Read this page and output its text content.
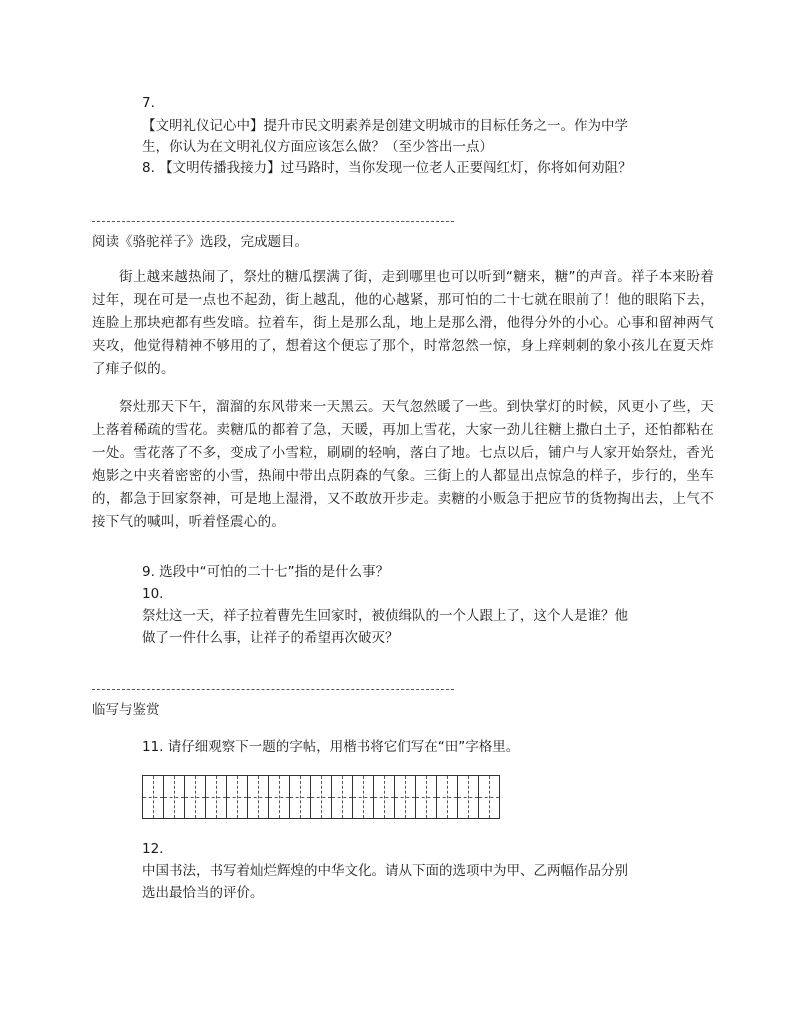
7.
【文明礼仪记心中】提升市民文明素养是创建文明城市的目标任务之一。作为中学
生，你认为在文明礼仪方面应该怎么做？（至少答出一点）
8. 【文明传播我接力】过马路时，当你发现一位老人正要闯红灯，你将如何劝阻？
阅读《骆驼祥子》选段，完成题目。
街上越来越热闹了，祭灶的糖瓜摆满了街，走到哪里也可以听到“糖来，糖”的声音。祥子本来盼着过年，现在可是一点也不起劲，街上越乱，他的心越紧，那可怕的二十七就在眼前了！他的眼陷下去，连脸上那块疤都有些发暗。拉着车，街上是那么乱，地上是那么滑，他得分外的小心。心事和留神两气夹攻，他觉得精神不够用的了，想着这个便忘了那个，时常忽然一惊，身上痒刺刺的象小孩儿在夏天炸了痱子似的。
祭灶那天下午，溜溜的东风带来一天黑云。天气忽然暖了一些。到快掌灯的时候，风更小了些，天上落着稀疏的雪花。卖糖瓜的都着了急，天暖，再加上雪花，大家一劲儿往糖上撒白土子，还怕都粘在一处。雪花落了不多，变成了小雪粒，刷刷的轻响，落白了地。七点以后，铺户与人家开始祭灶，香光炮影之中夹着密密的小雪，热闹中带出点阴森的气象。三街上的人都显出点惊急的样子，步行的，坐车的，都急于回家祭神，可是地上湿滑，又不敢放开步走。卖糖的小贩急于把应节的货物掏出去，上气不接下气的喊叫，听着怪震心的。
9. 选段中“可怕的二十七”指的是什么事？
10.
祭灶这一天，祥子拉着曹先生回家时，被侦缉队的一个人跟上了，这个人是谁？他
做了一件什么事，让祥子的希望再次破灭？
临写与鉴赏
11. 请仔细观察下一题的字帖，用楷书将它们写在“田”字格里。
12.
中国书法，书写着灿烂辉煌的中华文化。请从下面的选项中为甲、乙两幅作品分别
选出最恰当的评价。
